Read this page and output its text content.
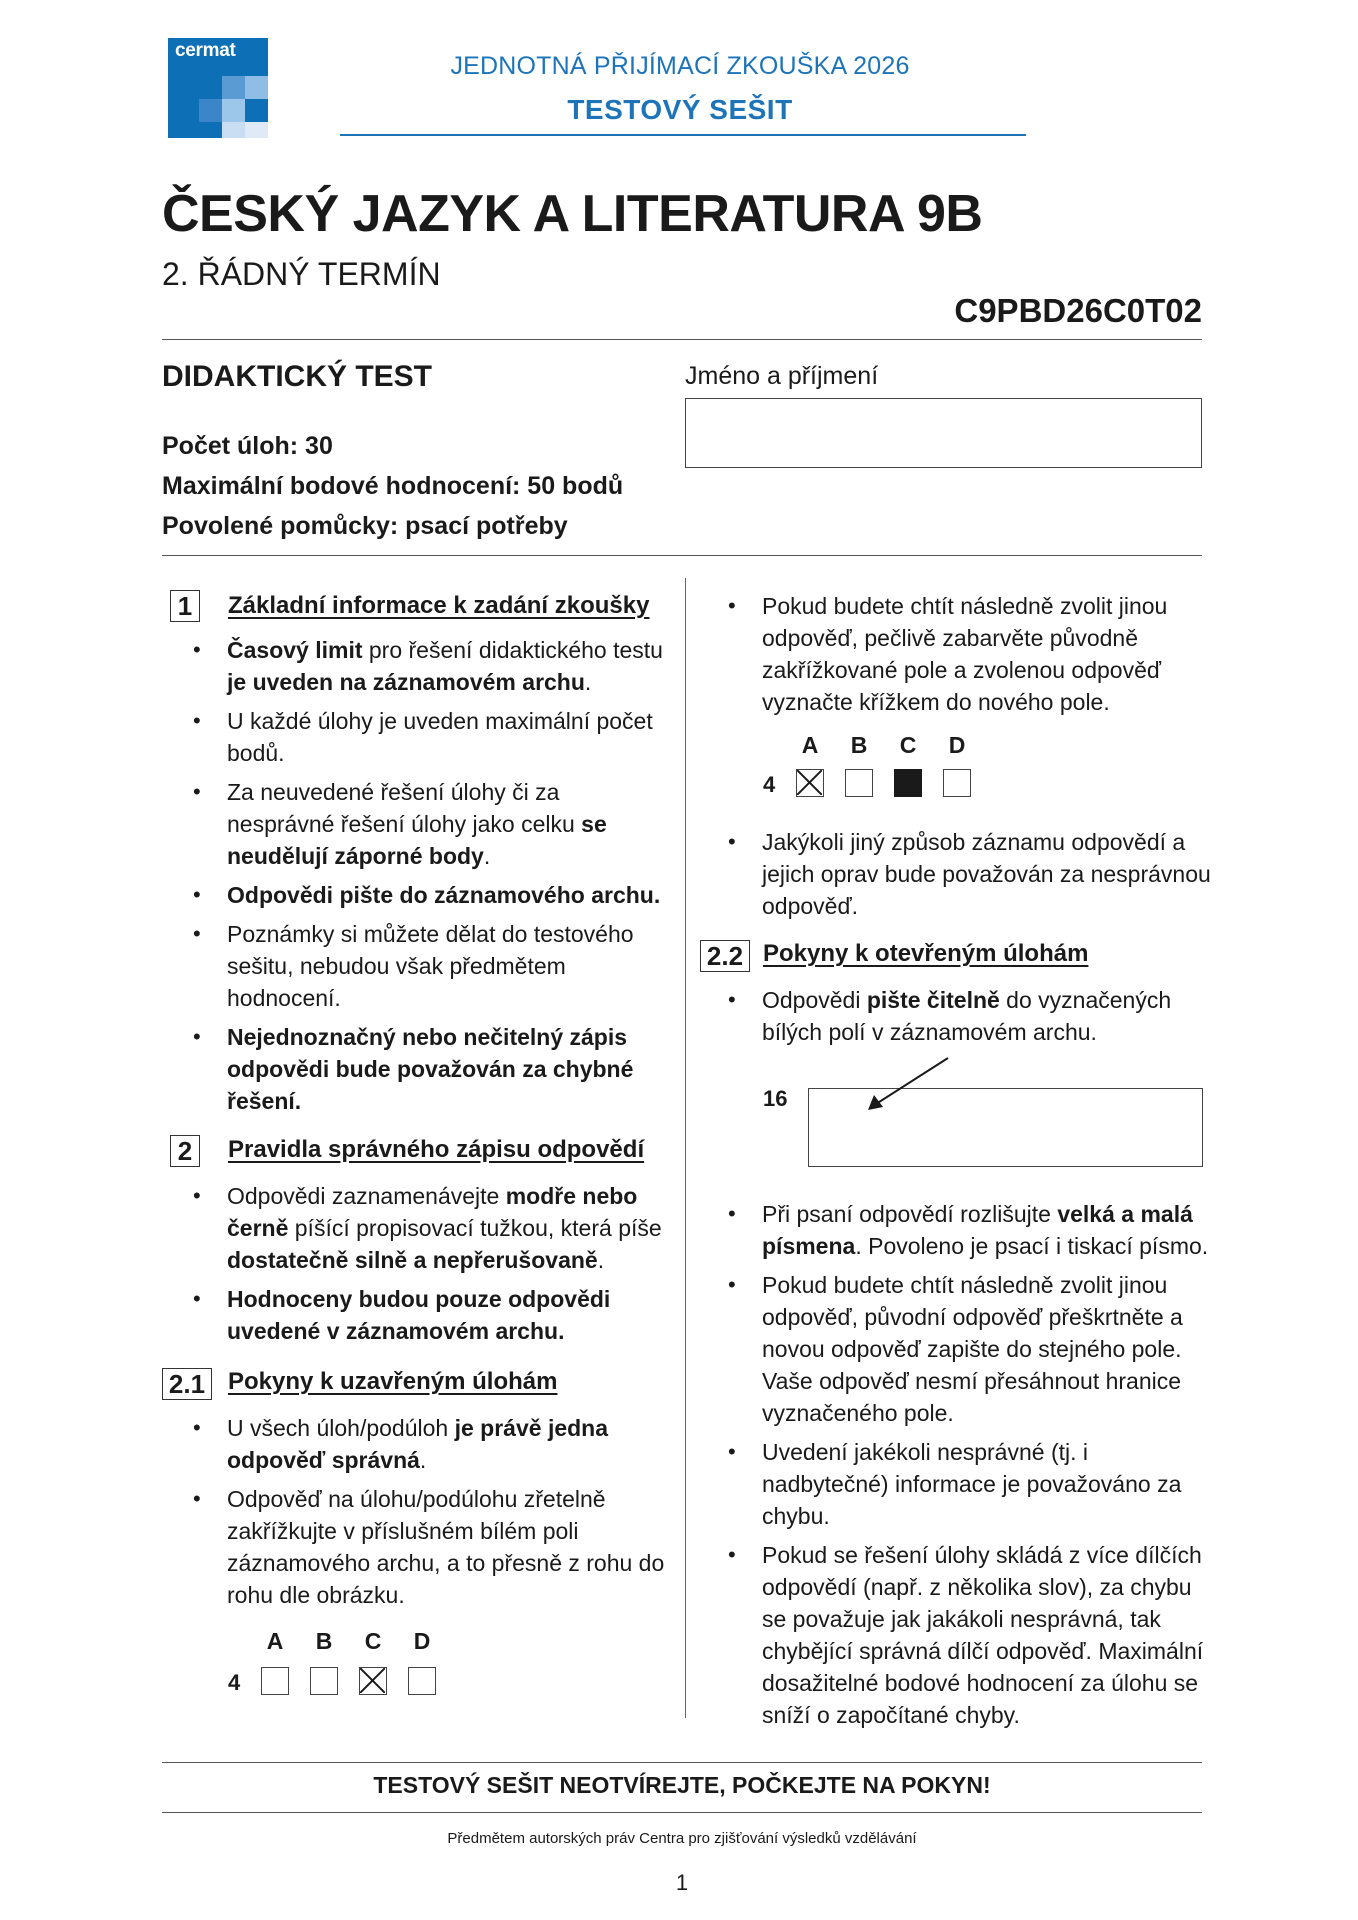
cermat
JEDNOTNÁ PŘIJÍMACÍ ZKOUŠKA 2026
TESTOVÝ SEŠIT
ČESKÝ JAZYK A LITERATURA 9B
2. ŘÁDNÝ TERMÍN
C9PBD26C0T02
DIDAKTICKÝ TEST	Jméno a příjmení
Počet úloh: 30
Maximální bodové hodnocení: 50 bodů
Povolené pomůcky: psací potřeby
1	Základní informace k zadání zkoušky
• Časový limit pro řešení didaktického testu je uveden na záznamovém archu.
• U každé úlohy je uveden maximální počet bodů.
• Za neuvedené řešení úlohy či za nesprávné řešení úlohy jako celku se neudělují záporné body.
• Odpovědi pište do záznamového archu.
• Poznámky si můžete dělat do testového sešitu, nebudou však předmětem hodnocení.
• Nejednoznačný nebo nečitelný zápis odpovědi bude považován za chybné řešení.
2	Pravidla správného zápisu odpovědí
• Odpovědi zaznamenávejte modře nebo černě píšící propisovací tužkou, která píše dostatečně silně a nepřerušovaně.
• Hodnoceny budou pouze odpovědi uvedené v záznamovém archu.
2.1 Pokyny k uzavřeným úlohám
• U všech úloh/podúloh je právě jedna odpověď správná.
• Odpověď na úlohu/podúlohu zřetelně zakřížkujte v příslušném bílém poli záznamového archu, a to přesně z rohu do rohu dle obrázku.
A B C D
4
• Pokud budete chtít následně zvolit jinou odpověď, pečlivě zabarvěte původně zakřížkované pole a zvolenou odpověď vyznačte křížkem do nového pole.
A B C D
4
• Jakýkoli jiný způsob záznamu odpovědí a jejich oprav bude považován za nesprávnou odpověď.
2.2 Pokyny k otevřeným úlohám
• Odpovědi pište čitelně do vyznačených bílých polí v záznamovém archu.
16
• Při psaní odpovědí rozlišujte velká a malá písmena. Povoleno je psací i tiskací písmo.
• Pokud budete chtít následně zvolit jinou odpověď, původní odpověď přeškrtněte a novou odpověď zapište do stejného pole. Vaše odpověď nesmí přesáhnout hranice vyznačeného pole.
• Uvedení jakékoli nesprávné (tj. i nadbytečné) informace je považováno za chybu.
• Pokud se řešení úlohy skládá z více dílčích odpovědí (např. z několika slov), za chybu se považuje jak jakákoli nesprávná, tak chybějící správná dílčí odpověď. Maximální dosažitelné bodové hodnocení za úlohu se sníží o započítané chyby.
TESTOVÝ SEŠIT NEOTVÍREJTE, POČKEJTE NA POKYN!
Předmětem autorských práv Centra pro zjišťování výsledků vzdělávání
1
